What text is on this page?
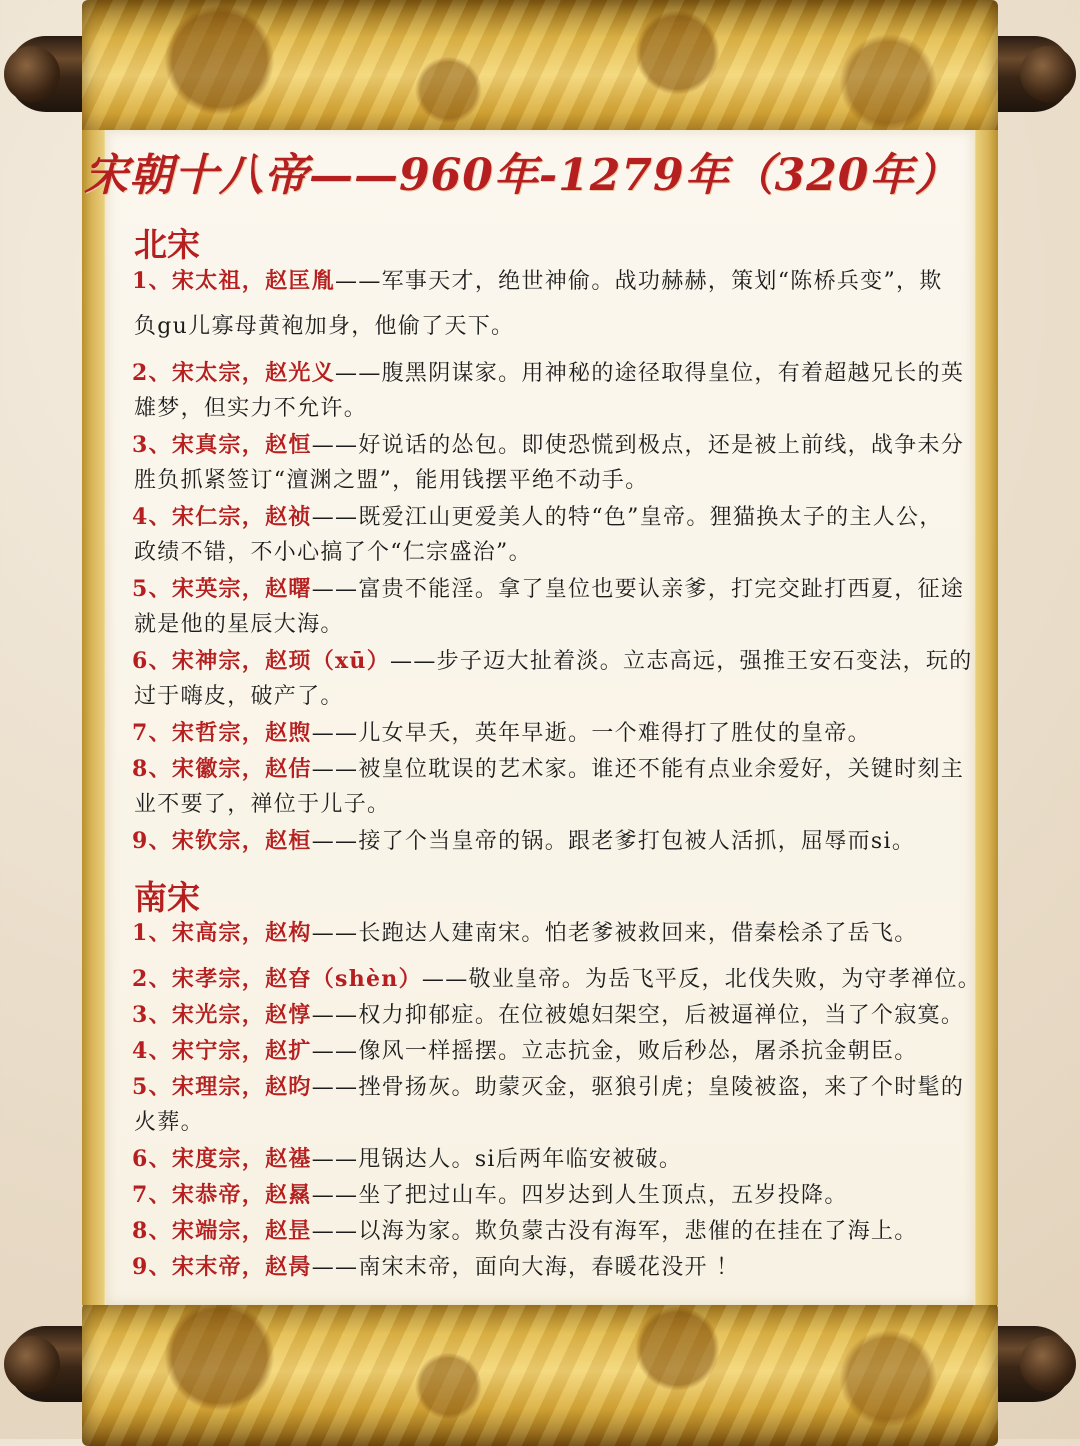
宋朝十八帝——960年-1279年（320年）
北宋
1、宋太祖，赵匡胤——军事天才，绝世神偷。战功赫赫，策划“陈桥兵变”，欺
负gu儿寡母黄袍加身，他偷了天下。
2、宋太宗，赵光义——腹黑阴谋家。用神秘的途径取得皇位，有着超越兄长的英
雄梦，但实力不允许。
3、宋真宗，赵恒——好说话的怂包。即使恐慌到极点，还是被上前线，战争未分
胜负抓紧签订“澶渊之盟”，能用钱摆平绝不动手。
4、宋仁宗，赵祯——既爱江山更爱美人的特“色”皇帝。狸猫换太子的主人公，
政绩不错，不小心搞了个“仁宗盛治”。
5、宋英宗，赵曙——富贵不能淫。拿了皇位也要认亲爹，打完交趾打西夏，征途
就是他的星辰大海。
6、宋神宗，赵顼（xū）——步子迈大扯着淡。立志高远，强推王安石变法，玩的
过于嗨皮，破产了。
7、宋哲宗，赵煦——儿女早夭，英年早逝。一个难得打了胜仗的皇帝。
8、宋徽宗，赵佶——被皇位耽误的艺术家。谁还不能有点业余爱好，关键时刻主
业不要了，禅位于儿子。
9、宋钦宗，赵桓——接了个当皇帝的锅。跟老爹打包被人活抓，屈辱而si。
南宋
1、宋高宗，赵构——长跑达人建南宋。怕老爹被救回来，借秦桧杀了岳飞。
2、宋孝宗，赵昚（shèn）——敬业皇帝。为岳飞平反，北伐失败，为守孝禅位。
3、宋光宗，赵惇——权力抑郁症。在位被媳妇架空，后被逼禅位，当了个寂寞。
4、宋宁宗，赵扩——像风一样摇摆。立志抗金，败后秒怂，屠杀抗金朝臣。
5、宋理宗，赵昀——挫骨扬灰。助蒙灭金，驱狼引虎；皇陵被盗，来了个时髦的
火葬。
6、宋度宗，赵禥——甩锅达人。si后两年临安被破。
7、宋恭帝，赵㬎——坐了把过山车。四岁达到人生顶点，五岁投降。
8、宋端宗，赵昰——以海为家。欺负蒙古没有海军，悲催的在挂在了海上。
9、宋末帝，赵昺——南宋末帝，面向大海，春暖花没开 ！
